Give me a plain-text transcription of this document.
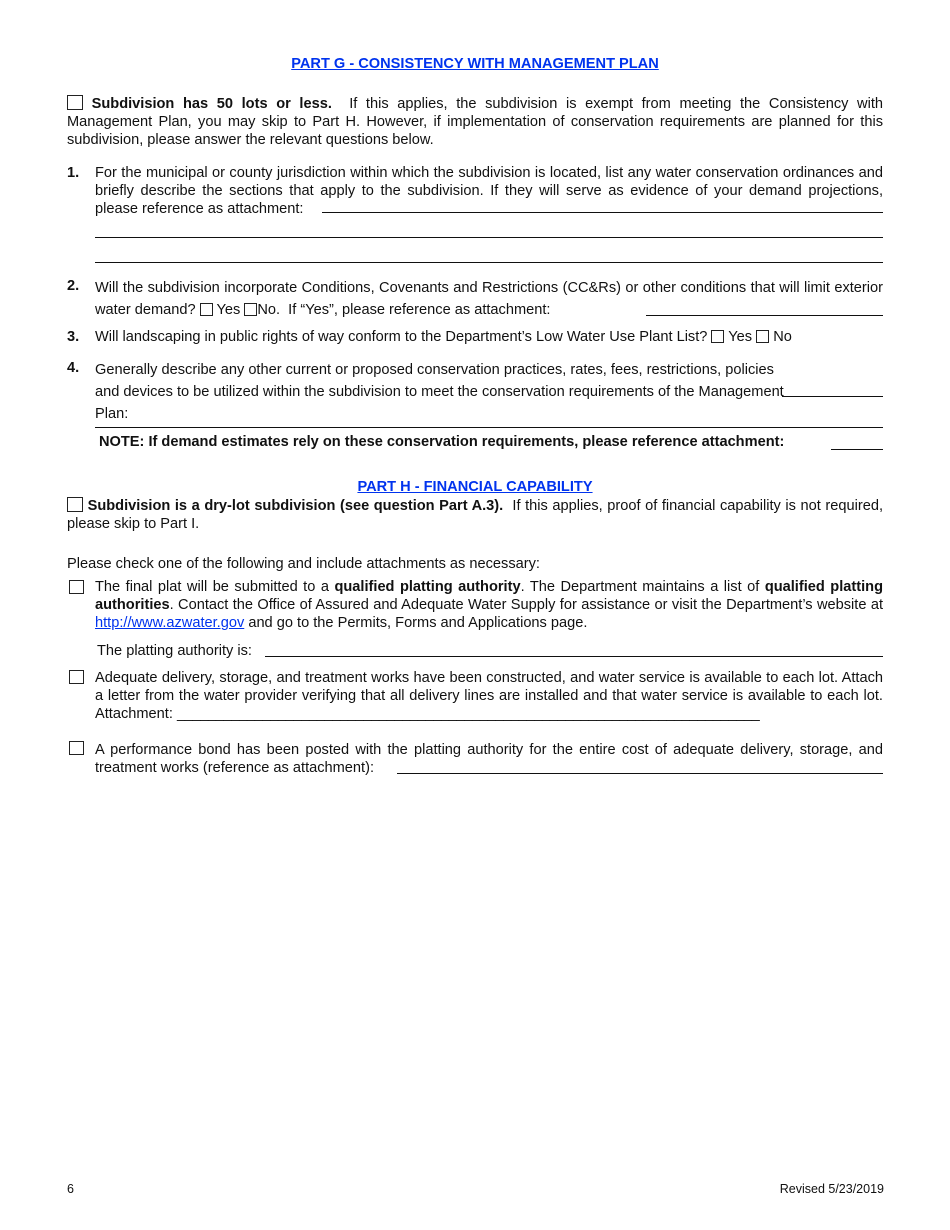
PART G - CONSISTENCY WITH MANAGEMENT PLAN
Subdivision has 50 lots or less. If this applies, the subdivision is exempt from meeting the Consistency with Management Plan, you may skip to Part H. However, if implementation of conservation requirements are planned for this subdivision, please answer the relevant questions below.
1. For the municipal or county jurisdiction within which the subdivision is located, list any water conservation ordinances and briefly describe the sections that apply to the subdivision. If they will serve as evidence of your demand projections, please reference as attachment:
2. Will the subdivision incorporate Conditions, Covenants and Restrictions (CC&Rs) or other conditions that will limit exterior water demand? Yes No. If “Yes”, please reference as attachment:
3. Will landscaping in public rights of way conform to the Department’s Low Water Use Plant List? Yes No
4. Generally describe any other current or proposed conservation practices, rates, fees, restrictions, policies and devices to be utilized within the subdivision to meet the conservation requirements of the Management Plan:
NOTE: If demand estimates rely on these conservation requirements, please reference attachment:
PART H - FINANCIAL CAPABILITY
Subdivision is a dry-lot subdivision (see question Part A.3). If this applies, proof of financial capability is not required, please skip to Part I.
Please check one of the following and include attachments as necessary:
The final plat will be submitted to a qualified platting authority. The Department maintains a list of qualified platting authorities. Contact the Office of Assured and Adequate Water Supply for assistance or visit the Department’s website at http://www.azwater.gov and go to the Permits, Forms and Applications page.
The platting authority is:
Adequate delivery, storage, and treatment works have been constructed, and water service is available to each lot. Attach a letter from the water provider verifying that all delivery lines are installed and that water service is available to each lot. Attachment: ___________________________________________________________________________
A performance bond has been posted with the platting authority for the entire cost of adequate delivery, storage, and treatment works (reference as attachment):
6	Revised 5/23/2019
